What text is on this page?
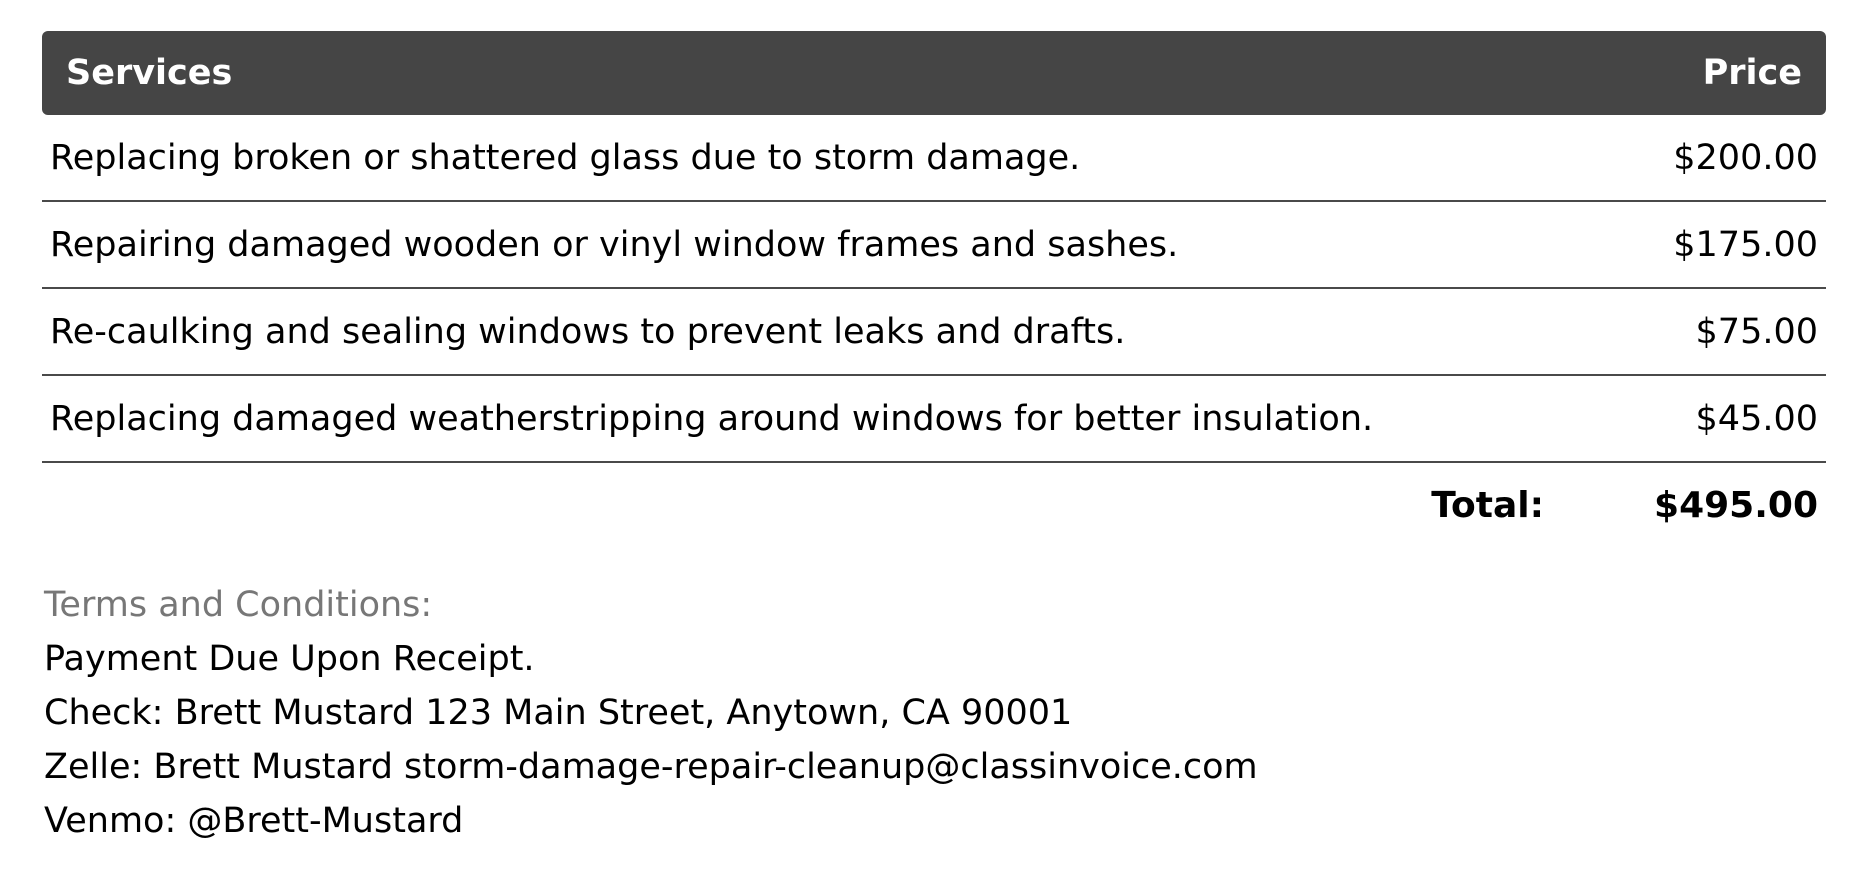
Services	Price
Replacing broken or shattered glass due to storm damage.	$200.00
Repairing damaged wooden or vinyl window frames and sashes.	$175.00
Re-caulking and sealing windows to prevent leaks and drafts.	$75.00
Replacing damaged weatherstripping around windows for better insulation.	$45.00
Total:	$495.00
Terms and Conditions:
Payment Due Upon Receipt.
Check: Brett Mustard 123 Main Street, Anytown, CA 90001
Zelle: Brett Mustard storm-damage-repair-cleanup@classinvoice.com
Venmo: @Brett-Mustard
